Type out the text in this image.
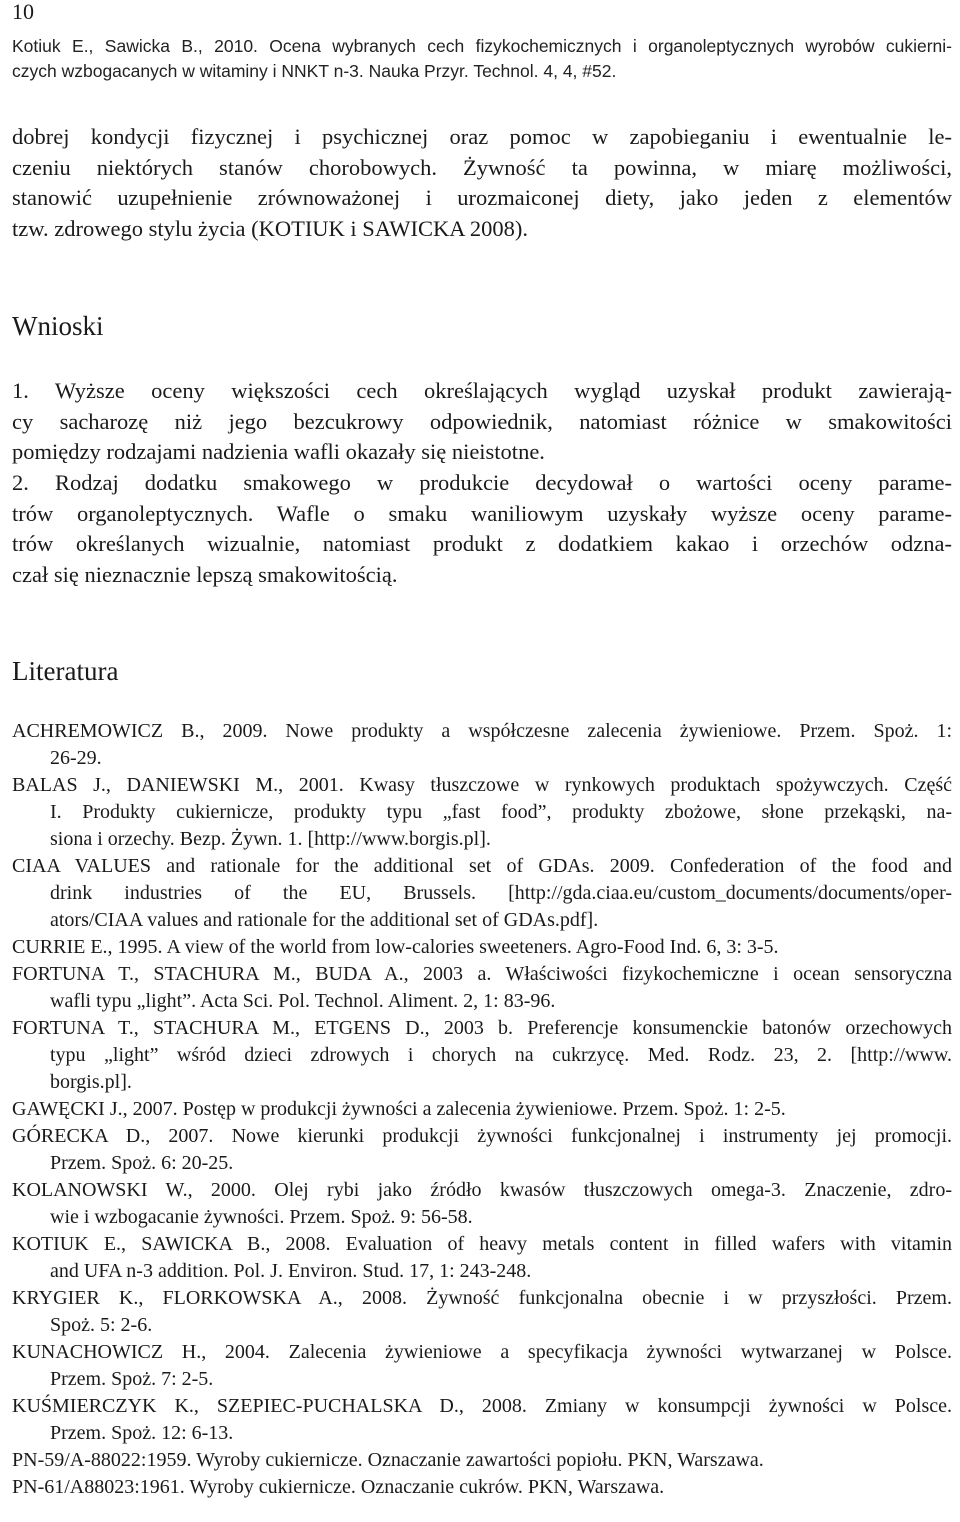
10
Kotiuk E., Sawicka B., 2010. Ocena wybranych cech fizykochemicznych i organoleptycznych wyrobów cukierni-
czych wzbogacanych w witaminy i NNKT n-3. Nauka Przyr. Technol. 4, 4, #52.
dobrej kondycji fizycznej i psychicznej oraz pomoc w zapobieganiu i ewentualnie le-
czeniu niektórych stanów chorobowych. Żywność ta powinna, w miarę możliwości,
stanowić uzupełnienie zrównoważonej i urozmaiconej diety, jako jeden z elementów
tzw. zdrowego stylu życia (KOTIUK i SAWICKA 2008).
Wnioski
1. Wyższe oceny większości cech określających wygląd uzyskał produkt zawierają-
cy sacharozę niż jego bezcukrowy odpowiednik, natomiast różnice w smakowitości
pomiędzy rodzajami nadzienia wafli okazały się nieistotne.
2. Rodzaj dodatku smakowego w produkcie decydował o wartości oceny parame-
trów organoleptycznych. Wafle o smaku waniliowym uzyskały wyższe oceny parame-
trów określanych wizualnie, natomiast produkt z dodatkiem kakao i orzechów odzna-
czał się nieznacznie lepszą smakowitością.
Literatura
ACHREMOWICZ B., 2009. Nowe produkty a współczesne zalecenia żywieniowe. Przem. Spoż. 1:
26-29.
BALAS J., DANIEWSKI M., 2001. Kwasy tłuszczowe w rynkowych produktach spożywczych. Część
I. Produkty cukiernicze, produkty typu „fast food”, produkty zbożowe, słone przekąski, na-
siona i orzechy. Bezp. Żywn. 1. [http://www.borgis.pl].
CIAA VALUES and rationale for the additional set of GDAs. 2009. Confederation of the food and
drink industries of the EU, Brussels. [http://gda.ciaa.eu/custom_documents/documents/oper-
ators/CIAA values and rationale for the additional set of GDAs.pdf].
CURRIE E., 1995. A view of the world from low-calories sweeteners. Agro-Food Ind. 6, 3: 3-5.
FORTUNA T., STACHURA M., BUDA A., 2003 a. Właściwości fizykochemiczne i ocean sensoryczna
wafli typu „light”. Acta Sci. Pol. Technol. Aliment. 2, 1: 83-96.
FORTUNA T., STACHURA M., ETGENS D., 2003 b. Preferencje konsumenckie batonów orzechowych
typu „light” wśród dzieci zdrowych i chorych na cukrzycę. Med. Rodz. 23, 2. [http://www.
borgis.pl].
GAWĘCKI J., 2007. Postęp w produkcji żywności a zalecenia żywieniowe. Przem. Spoż. 1: 2-5.
GÓRECKA D., 2007. Nowe kierunki produkcji żywności funkcjonalnej i instrumenty jej promocji.
Przem. Spoż. 6: 20-25.
KOLANOWSKI W., 2000. Olej rybi jako źródło kwasów tłuszczowych omega-3. Znaczenie, zdro-
wie i wzbogacanie żywności. Przem. Spoż. 9: 56-58.
KOTIUK E., SAWICKA B., 2008. Evaluation of heavy metals content in filled wafers with vitamin
and UFA n-3 addition. Pol. J. Environ. Stud. 17, 1: 243-248.
KRYGIER K., FLORKOWSKA A., 2008. Żywność funkcjonalna obecnie i w przyszłości. Przem.
Spoż. 5: 2-6.
KUNACHOWICZ H., 2004. Zalecenia żywieniowe a specyfikacja żywności wytwarzanej w Polsce.
Przem. Spoż. 7: 2-5.
KUŚMIERCZYK K., SZEPIEC-PUCHALSKA D., 2008. Zmiany w konsumpcji żywności w Polsce.
Przem. Spoż. 12: 6-13.
PN-59/A-88022:1959. Wyroby cukiernicze. Oznaczanie zawartości popiołu. PKN, Warszawa.
PN-61/A88023:1961. Wyroby cukiernicze. Oznaczanie cukrów. PKN, Warszawa.
